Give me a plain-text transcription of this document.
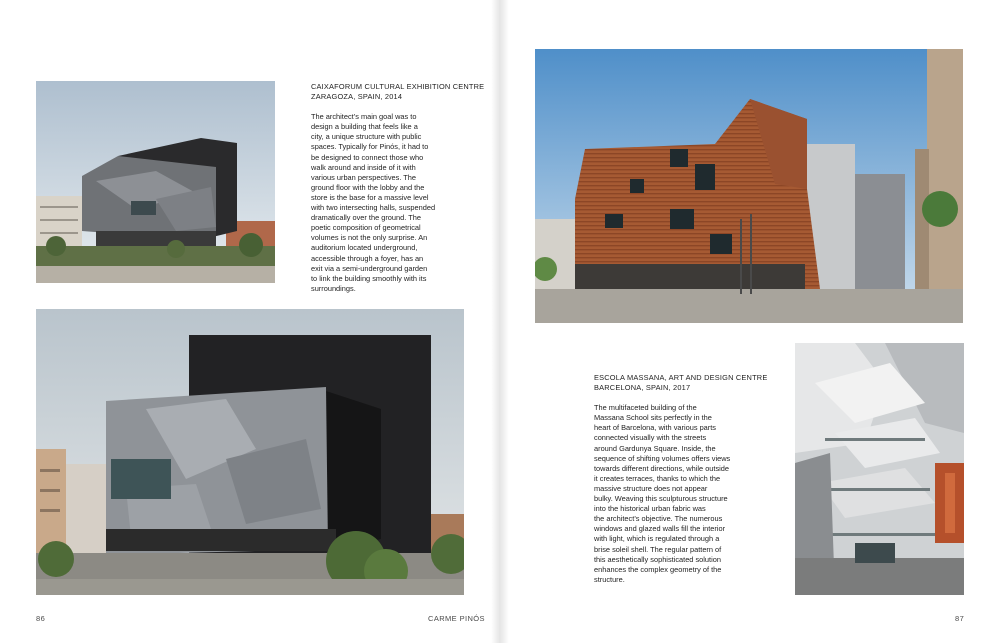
CAIXAFORUM CULTURAL EXHIBITION CENTRE
ZARAGOZA, SPAIN, 2014
The architect’s main goal was to
design a building that feels like a
city, a unique structure with public
spaces. Typically for Pinós, it had to
be designed to connect those who
walk around and inside of it with
various urban perspectives. The
ground floor with the lobby and the
store is the base for a massive level
with two intersecting halls, suspended
dramatically over the ground. The
poetic composition of geometrical
volumes is not the only surprise. An
auditorium located underground,
accessible through a foyer, has an
exit via a semi-underground garden
to link the building smoothly with its
surroundings.
ESCOLA MASSANA, ART AND DESIGN CENTRE
BARCELONA, SPAIN, 2017
The multifaceted building of the
Massana School sits perfectly in the
heart of Barcelona, with various parts
connected visually with the streets
around Gardunya Square. Inside, the
sequence of shifting volumes offers views
towards different directions, while outside
it creates terraces, thanks to which the
massive structure does not appear
bulky. Weaving this sculpturous structure
into the historical urban fabric was
the architect’s objective. The numerous
windows and glazed walls fill the interior
with light, which is regulated through a
brise soleil shell. The regular pattern of
this aesthetically sophisticated solution
enhances the complex geometry of the
structure.
86	CARME PINÓS	87
